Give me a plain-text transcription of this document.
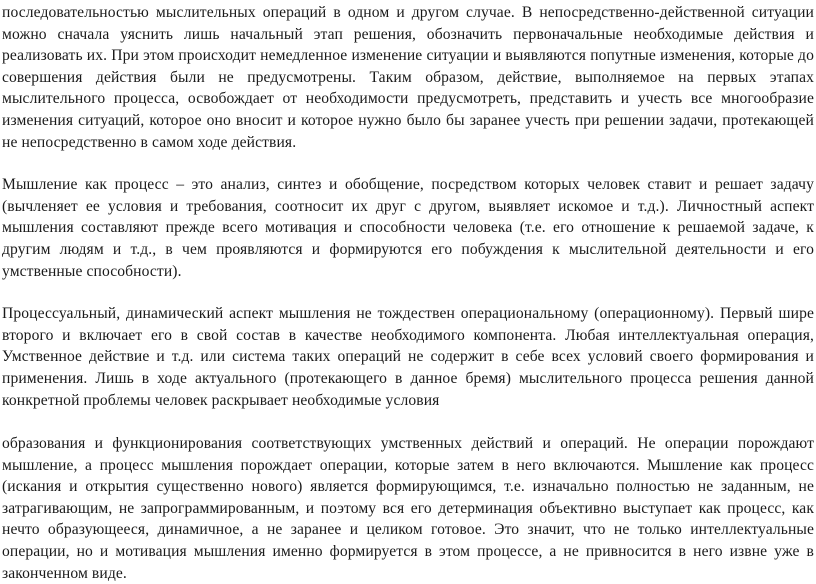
последовательностью мыслительных операций в одном и другом случае. В непосредственно-действенной ситуации можно сначала уяснить лишь начальный этап решения, обозначить первоначальные необходимые действия и реализовать их. При этом происходит немедленное изменение ситуации и выявляются попутные изменения, которые до совершения действия были не предусмотрены. Таким образом, действие, выполняемое на первых этапах мыслительного процесса, освобождает от необходимости предусмотреть, представить и учесть все многообразие изменения ситуаций, которое оно вносит и которое нужно было бы заранее учесть при решении задачи, протекающей не непосредственно в самом ходе действия.

Мышление как процесс – это анализ, синтез и обобщение, посредством которых человек ставит и решает задачу (вычленяет ее условия и требования, соотносит их друг с другом, выявляет искомое и т.д.). Личностный аспект мышления составляют прежде всего мотивация и способности человека (т.е. его отношение к решаемой задаче, к другим людям и т.д., в чем проявляются и формируются его побуждения к мыслительной деятельности и его умственные способности).

Процессуальный, динамический аспект мышления не тождествен операциональному (операционному). Первый шире второго и включает его в свой состав в качестве необходимого компонента. Любая интеллектуальная операция, Умственное действие и т.д. или система таких операций не содержит в себе всех условий своего формирования и применения. Лишь в ходе актуального (протекающего в данное бремя) мыслительного процесса решения данной конкретной проблемы человек раскрывает необходимые условия

образования и функционирования соответствующих умственных действий и операций. Не операции порождают мышление, а процесс мышления порождает операции, которые затем в него включаются. Мышление как процесс (искания и открытия существенно нового) является формирующимся, т.е. изначально полностью не заданным, не затрагивающим, не запрограммированным, и поэтому вся его детерминация объективно выступает как процесс, как нечто образующееся, динамичное, а не заранее и целиком готовое. Это значит, что не только интеллектуальные операции, но и мотивация мышления именно формируется в этом процессе, а не привносится в него извне уже в законченном виде.
